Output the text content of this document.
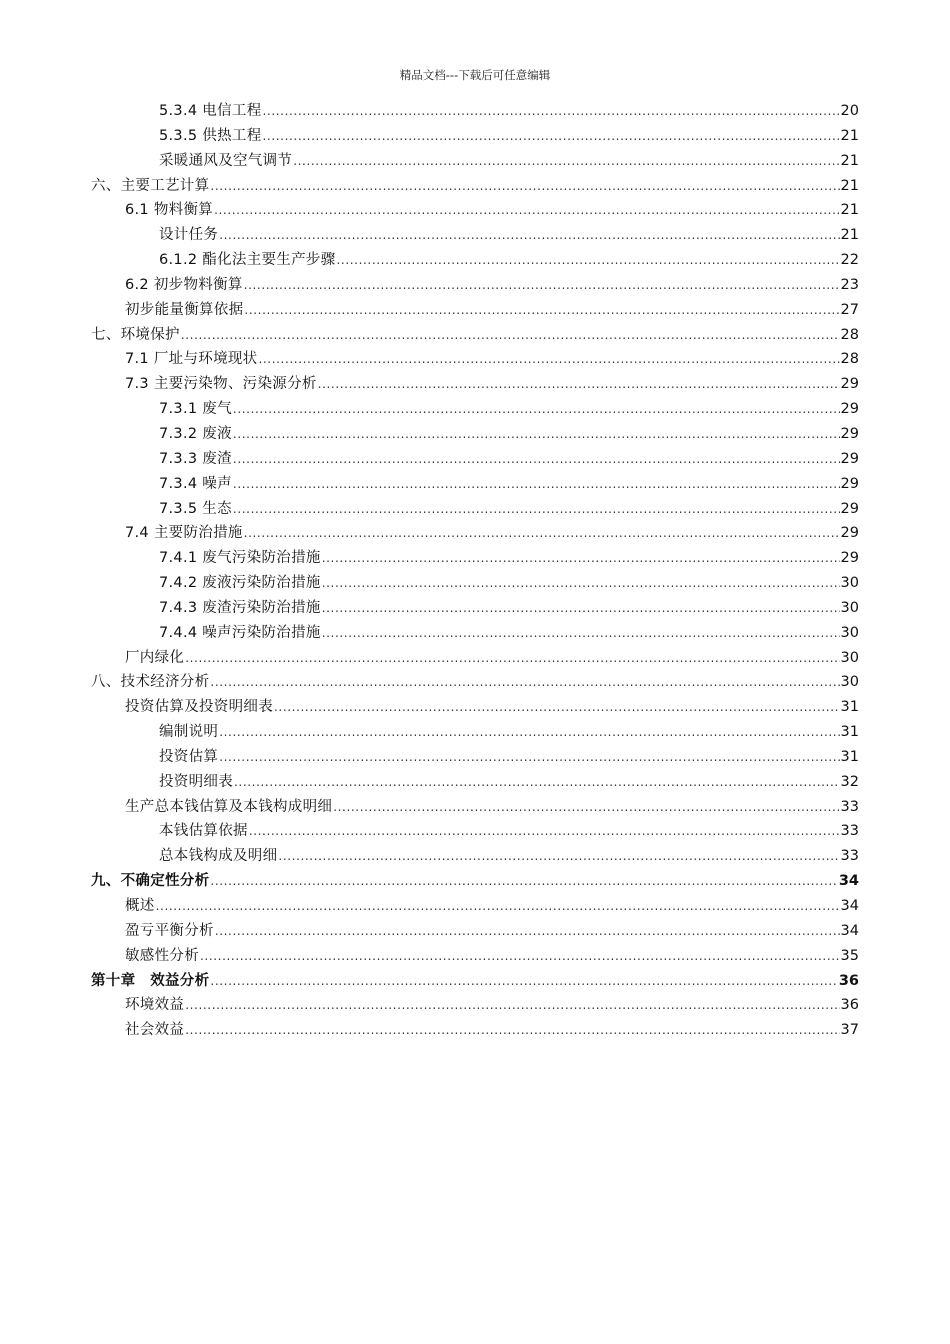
精品文档---下载后可任意编辑
5.3.4 电信工程 .....	20
5.3.5 供热工程 .....	21
采暖通风及空气调节 .....	21
六、主要工艺计算 .....	21
6.1 物料衡算 .....	21
设计任务 .....	21
6.1.2 酯化法主要生产步骤 .....	22
6.2 初步物料衡算 .....	23
初步能量衡算依据 .....	27
七、环境保护 .....	28
7.1 厂址与环境现状 .....	28
7.3 主要污染物、污染源分析 .....	29
7.3.1 废气 .....	29
7.3.2 废液 .....	29
7.3.3 废渣 .....	29
7.3.4 噪声 .....	29
7.3.5 生态 .....	29
7.4 主要防治措施 .....	29
7.4.1 废气污染防治措施 .....	29
7.4.2 废液污染防治措施 .....	30
7.4.3 废渣污染防治措施 .....	30
7.4.4 噪声污染防治措施 .....	30
厂内绿化 .....	30
八、技术经济分析 .....	30
投资估算及投资明细表 .....	31
编制说明 .....	31
投资估算 .....	31
投资明细表 .....	32
生产总本钱估算及本钱构成明细 .....	33
本钱估算依据 .....	33
总本钱构成及明细 .....	33
九、不确定性分析 .....	34
概述 .....	34
盈亏平衡分析 .....	34
敏感性分析 .....	35
第十章　效益分析 .....	36
环境效益 .....	36
社会效益 .....	37
